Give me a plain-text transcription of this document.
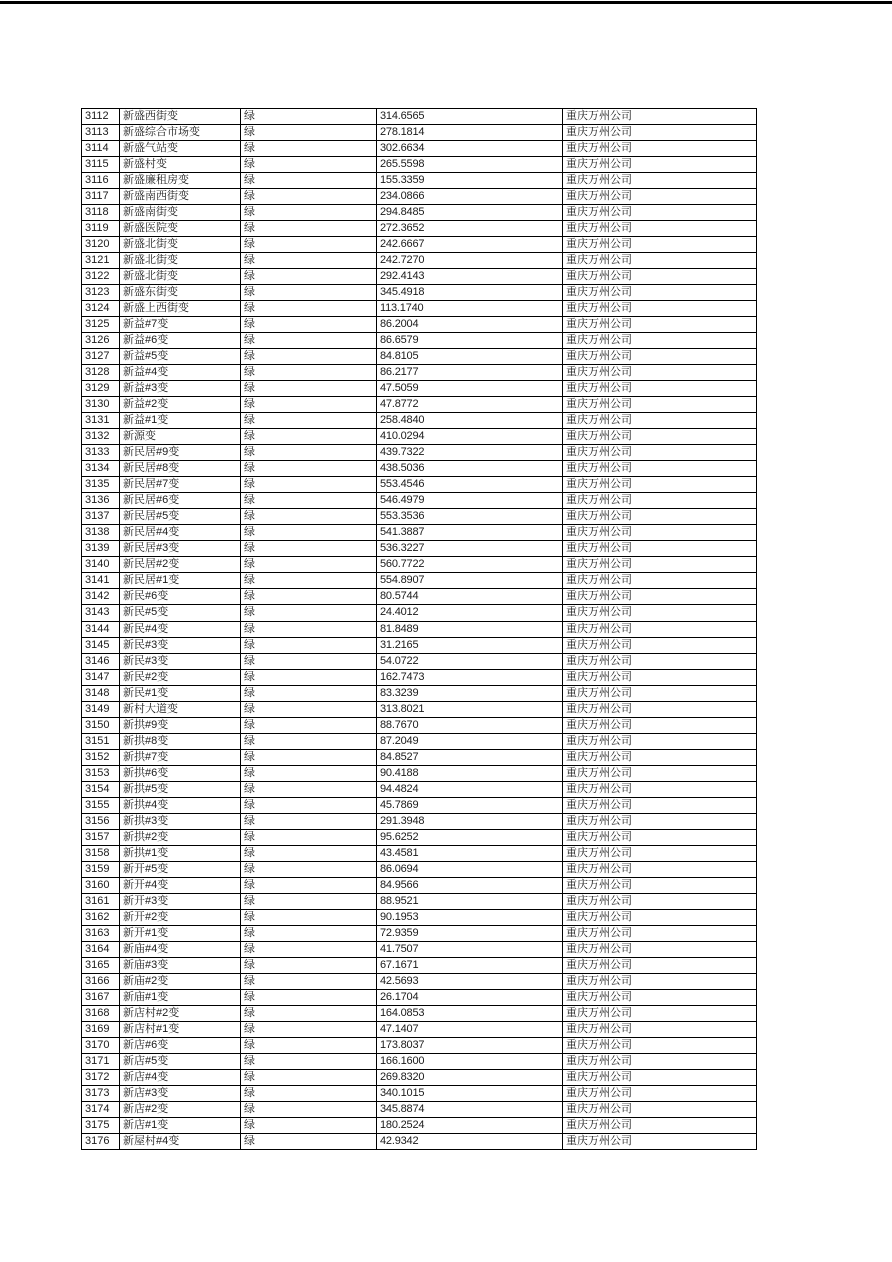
3112	新盛西街变	绿	314.6565	重庆万州公司
3113	新盛综合市场变	绿	278.1814	重庆万州公司
3114	新盛气站变	绿	302.6634	重庆万州公司
3115	新盛村变	绿	265.5598	重庆万州公司
3116	新盛廉租房变	绿	155.3359	重庆万州公司
3117	新盛南西街变	绿	234.0866	重庆万州公司
3118	新盛南街变	绿	294.8485	重庆万州公司
3119	新盛医院变	绿	272.3652	重庆万州公司
3120	新盛北街变	绿	242.6667	重庆万州公司
3121	新盛北街变	绿	242.7270	重庆万州公司
3122	新盛北街变	绿	292.4143	重庆万州公司
3123	新盛东街变	绿	345.4918	重庆万州公司
3124	新盛上西街变	绿	113.1740	重庆万州公司
3125	新益#7变	绿	86.2004	重庆万州公司
3126	新益#6变	绿	86.6579	重庆万州公司
3127	新益#5变	绿	84.8105	重庆万州公司
3128	新益#4变	绿	86.2177	重庆万州公司
3129	新益#3变	绿	47.5059	重庆万州公司
3130	新益#2变	绿	47.8772	重庆万州公司
3131	新益#1变	绿	258.4840	重庆万州公司
3132	新源变	绿	410.0294	重庆万州公司
3133	新民居#9变	绿	439.7322	重庆万州公司
3134	新民居#8变	绿	438.5036	重庆万州公司
3135	新民居#7变	绿	553.4546	重庆万州公司
3136	新民居#6变	绿	546.4979	重庆万州公司
3137	新民居#5变	绿	553.3536	重庆万州公司
3138	新民居#4变	绿	541.3887	重庆万州公司
3139	新民居#3变	绿	536.3227	重庆万州公司
3140	新民居#2变	绿	560.7722	重庆万州公司
3141	新民居#1变	绿	554.8907	重庆万州公司
3142	新民#6变	绿	80.5744	重庆万州公司
3143	新民#5变	绿	24.4012	重庆万州公司
3144	新民#4变	绿	81.8489	重庆万州公司
3145	新民#3变	绿	31.2165	重庆万州公司
3146	新民#3变	绿	54.0722	重庆万州公司
3147	新民#2变	绿	162.7473	重庆万州公司
3148	新民#1变	绿	83.3239	重庆万州公司
3149	新村大道变	绿	313.8021	重庆万州公司
3150	新拱#9变	绿	88.7670	重庆万州公司
3151	新拱#8变	绿	87.2049	重庆万州公司
3152	新拱#7变	绿	84.8527	重庆万州公司
3153	新拱#6变	绿	90.4188	重庆万州公司
3154	新拱#5变	绿	94.4824	重庆万州公司
3155	新拱#4变	绿	45.7869	重庆万州公司
3156	新拱#3变	绿	291.3948	重庆万州公司
3157	新拱#2变	绿	95.6252	重庆万州公司
3158	新拱#1变	绿	43.4581	重庆万州公司
3159	新开#5变	绿	86.0694	重庆万州公司
3160	新开#4变	绿	84.9566	重庆万州公司
3161	新开#3变	绿	88.9521	重庆万州公司
3162	新开#2变	绿	90.1953	重庆万州公司
3163	新开#1变	绿	72.9359	重庆万州公司
3164	新庙#4变	绿	41.7507	重庆万州公司
3165	新庙#3变	绿	67.1671	重庆万州公司
3166	新庙#2变	绿	42.5693	重庆万州公司
3167	新庙#1变	绿	26.1704	重庆万州公司
3168	新店村#2变	绿	164.0853	重庆万州公司
3169	新店村#1变	绿	47.1407	重庆万州公司
3170	新店#6变	绿	173.8037	重庆万州公司
3171	新店#5变	绿	166.1600	重庆万州公司
3172	新店#4变	绿	269.8320	重庆万州公司
3173	新店#3变	绿	340.1015	重庆万州公司
3174	新店#2变	绿	345.8874	重庆万州公司
3175	新店#1变	绿	180.2524	重庆万州公司
3176	新屋村#4变	绿	42.9342	重庆万州公司
